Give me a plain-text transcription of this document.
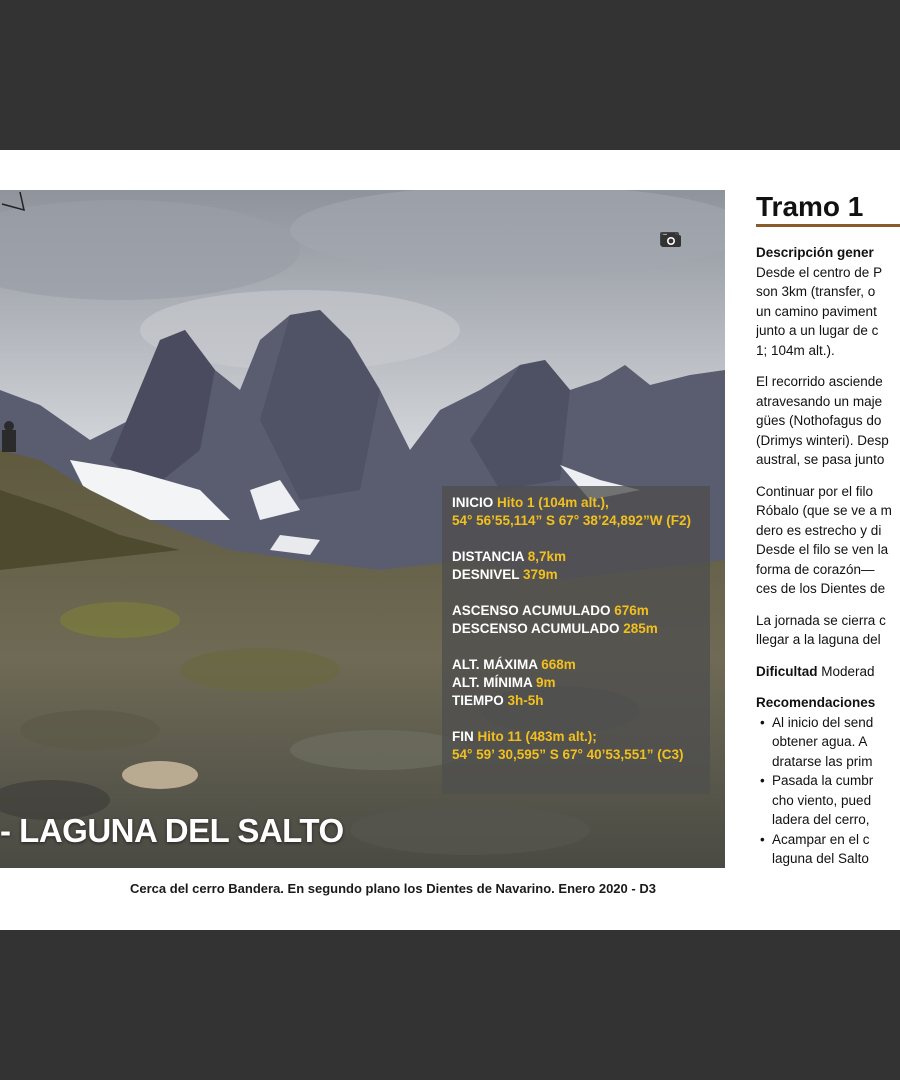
INICIO Hito 1 (104m alt.),
54° 56’55,114” S 67° 38’24,892”W (F2)
DISTANCIA 8,7km
DESNIVEL 379m
ASCENSO ACUMULADO 676m
DESCENSO ACUMULADO 285m
ALT. MÁXIMA 668m
ALT. MÍNIMA 9m
TIEMPO 3h-5h
FIN Hito 11 (483m alt.);
54° 59’ 30,595” S 67° 40’53,551” (C3)
- LAGUNA DEL SALTO
Cerca del cerro Bandera. En segundo plano los Dientes de Navarino. Enero 2020 - D3
Tramo 1
Descripción gener
Desde el centro de P
son 3km (transfer, o
un camino paviment
junto a un lugar de c
1; 104m alt.).
El recorrido asciende
atravesando un maje
gües (Nothofagus do
(Drimys winteri). Desp
austral, se pasa junto
Continuar por el filo
Róbalo (que se ve a m
dero es estrecho y di
Desde el filo se ven la
forma de corazón—
ces de los Dientes de
La jornada se cierra c
llegar a la laguna del
Dificultad Moderad
Recomendaciones
• Al inicio del send
obtener agua. A
dratarse las prim
• Pasada la cumbr
cho viento, pued
ladera del cerro,
• Acampar en el c
laguna del Salto
